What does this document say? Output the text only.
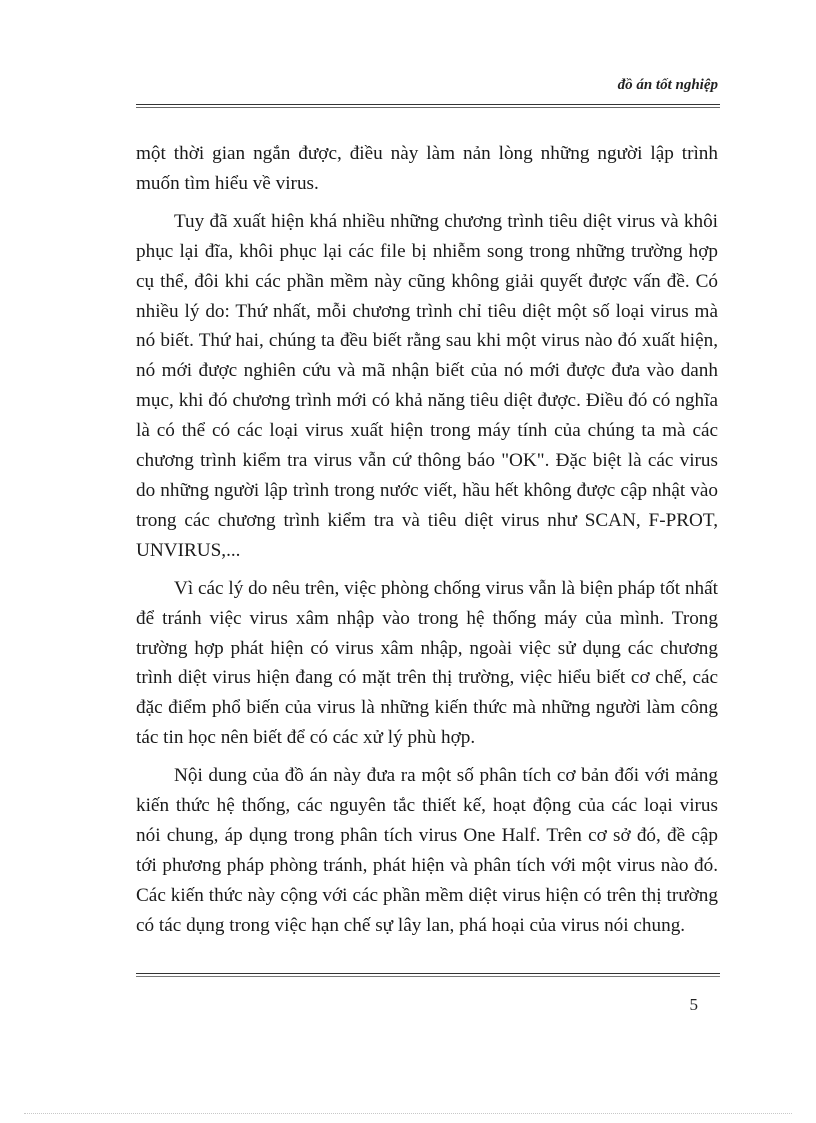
đồ án tốt nghiệp

một thời gian ngắn được, điều này làm nản lòng những người lập trình muốn tìm hiểu về virus.

Tuy đã xuất hiện khá nhiều những chương trình tiêu diệt virus và khôi phục lại đĩa, khôi phục lại các file bị nhiễm song trong những trường hợp cụ thể, đôi khi các phần mềm này cũng không giải quyết được vấn đề. Có nhiều lý do: Thứ nhất, mỗi chương trình chỉ tiêu diệt một số loại virus mà nó biết. Thứ hai, chúng ta đều biết rằng sau khi một virus nào đó xuất hiện, nó mới được nghiên cứu và mã nhận biết của nó mới được đưa vào danh mục, khi đó chương trình mới có khả năng tiêu diệt được. Điều đó có nghĩa là có thể có các loại virus xuất hiện trong máy tính của chúng ta mà các chương trình kiểm tra virus vẫn cứ thông báo "OK". Đặc biệt là các virus do những người lập trình trong nước viết, hầu hết không được cập nhật vào trong các chương trình kiểm tra và tiêu diệt virus như SCAN, F-PROT, UNVIRUS,...

Vì các lý do nêu trên, việc phòng chống virus vẫn là biện pháp tốt nhất để tránh việc virus xâm nhập vào trong hệ thống máy của mình. Trong trường hợp phát hiện có virus xâm nhập, ngoài việc sử dụng các chương trình diệt virus hiện đang có mặt trên thị trường, việc hiểu biết cơ chế, các đặc điểm phổ biến của virus là những kiến thức mà những người làm công tác tin học nên biết để có các xử lý phù hợp.

Nội dung của đồ án này đưa ra một số phân tích cơ bản đối với mảng kiến thức hệ thống, các nguyên tắc thiết kế, hoạt động của các loại virus nói chung, áp dụng trong phân tích virus One Half. Trên cơ sở đó, đề cập tới phương pháp phòng tránh, phát hiện và phân tích với một virus nào đó. Các kiến thức này cộng với các phần mềm diệt virus hiện có trên thị trường có tác dụng trong việc hạn chế sự lây lan, phá hoại của virus nói chung.

5
